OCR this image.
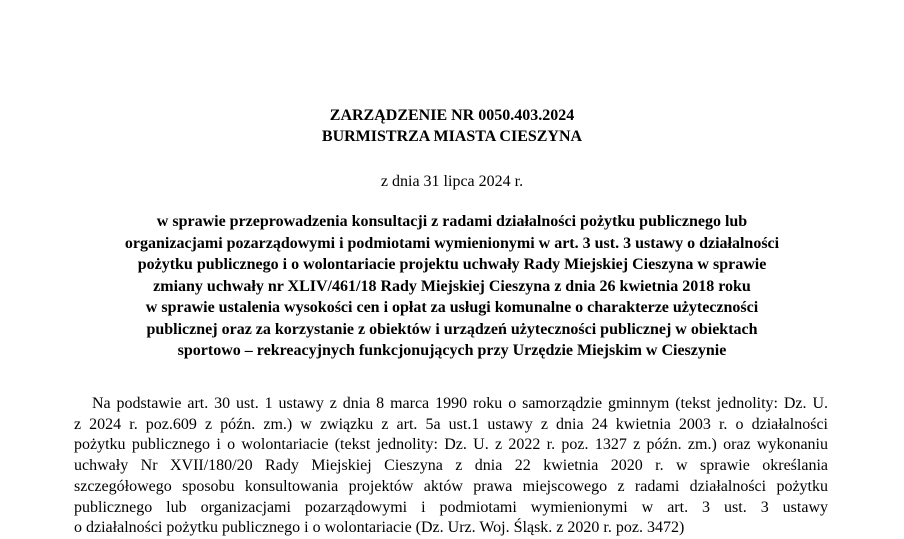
ZARZĄDZENIE NR 0050.403.2024
BURMISTRZA MIASTA CIESZYNA
z dnia 31 lipca 2024 r.
w sprawie przeprowadzenia konsultacji z radami działalności pożytku publicznego lub
organizacjami pozarządowymi i podmiotami wymienionymi w art. 3 ust. 3 ustawy o działalności
pożytku publicznego i o wolontariacie projektu uchwały Rady Miejskiej Cieszyna w sprawie
zmiany uchwały nr XLIV/461/18 Rady Miejskiej Cieszyna z dnia 26 kwietnia 2018 roku
w sprawie ustalenia wysokości cen i opłat za usługi komunalne o charakterze użyteczności
publicznej oraz za korzystanie z obiektów i urządzeń użyteczności publicznej w obiektach
sportowo – rekreacyjnych funkcjonujących przy Urzędzie Miejskim w Cieszynie
Na podstawie art. 30 ust. 1 ustawy z dnia 8 marca 1990 roku o samorządzie gminnym (tekst jednolity: Dz. U.
z 2024 r. poz.609 z późn. zm.) w związku z art. 5a ust.1 ustawy z dnia 24 kwietnia 2003 r. o działalności
pożytku publicznego i o wolontariacie (tekst jednolity: Dz. U. z 2022 r. poz. 1327 z późn. zm.) oraz wykonaniu
uchwały Nr XVII/180/20 Rady Miejskiej Cieszyna z dnia 22 kwietnia 2020 r. w sprawie określania
szczegółowego sposobu konsultowania projektów aktów prawa miejscowego z radami działalności pożytku
publicznego lub organizacjami pozarządowymi i podmiotami wymienionymi w art. 3 ust. 3 ustawy
o działalności pożytku publicznego i o wolontariacie (Dz. Urz. Woj. Śląsk. z 2020 r. poz. 3472)
